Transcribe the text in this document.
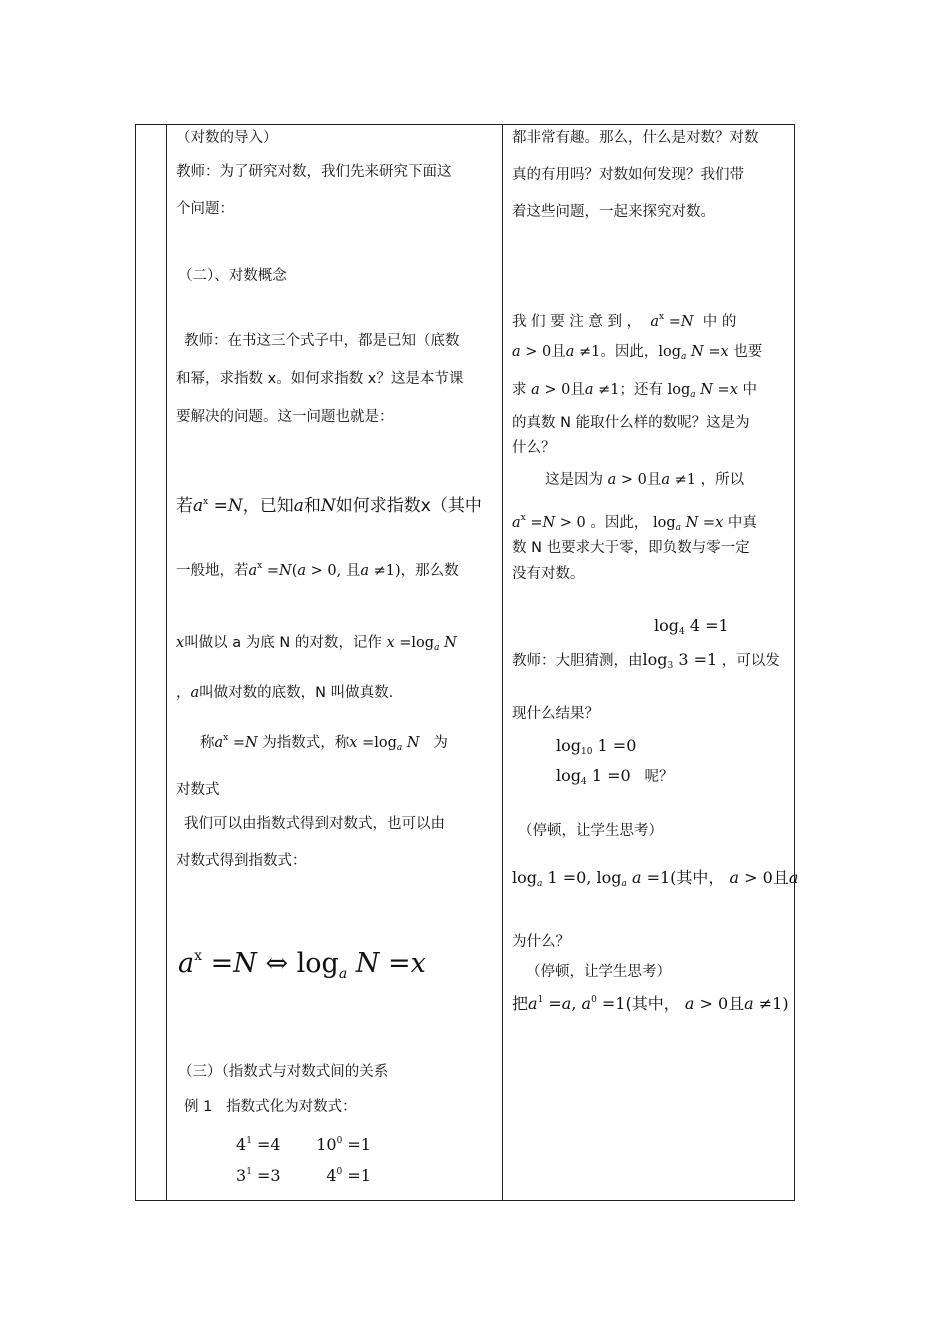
（对数的导入）
教师：为了研究对数，我们先来研究下面这
个问题：
（二）、对数概念
教师：在书这三个式子中，都是已知（底数
和幂，求指数 x。如何求指数 x？这是本节课
要解决的问题。这一问题也就是：
若$a^x =N$，已知a和N如何求指数x（其中
一般地，若$a^x =N(a > 0$, 且a ≠1)，那么数
x叫做以 a 为底 N 的对数，记作 $x =\log_a$ N
，a叫做对数的底数，N 叫做真数.
称$a^x =N$ 为指数式，称$x =\log_a$ N 为
对数式
我们可以由指数式得到对数式，也可以由
对数式得到指数式：
$a^x =N$ ⇔ $\log_a N =x$
（三）（指数式与对数式间的关系
例 1 指数式化为对数式：
$4^1 =4$       $10^0 =1$
$3^1 =3$         $4^0 =1$
都非常有趣。那么，什么是对数？对数
真的有用吗？对数如何发现？我们带
着这些问题，一起来探究对数。
我 们 要 注 意 到 ， $a^x =N$ 中 的
a > 0且a ≠1。因此，$\log_a N =x$ 也要
求 a > 0且a ≠1；还有 $\log_a N =x$ 中
的真数 N 能取什么样的数呢？这是为
什么？
这是因为 a > 0且a ≠1 ，所以
$a^x =N > 0$ 。因此， $\log_a N =x$ 中真
数 N 也要求大于零，即负数与零一定
没有对数。
$\log_4 4 =1$
教师：大胆猜测，由$\log_3 3 =1$ ，可以发
现什么结果？
$\log_{10} 1 =0$
$\log_4 1 =0$ 呢？
（停顿，让学生思考）
$\log_a 1 =0$, $\log_a a =1$(其中， a > 0且a
为什么？
（停顿，让学生思考）
把$a^1 =a$, $a^0 =1$(其中， a > 0且a ≠1)
